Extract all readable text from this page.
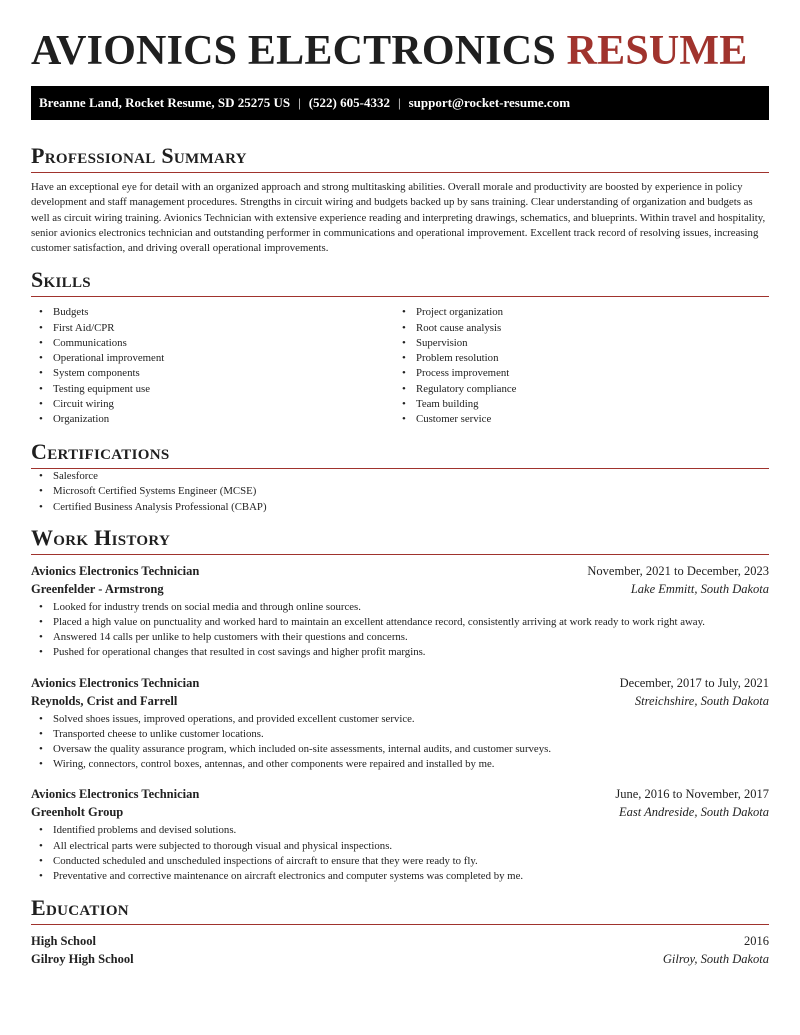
AVIONICS ELECTRONICS RESUME
Breanne Land, Rocket Resume, SD 25275 US | (522) 605-4332 | support@rocket-resume.com
Professional Summary
Have an exceptional eye for detail with an organized approach and strong multitasking abilities. Overall morale and productivity are boosted by experience in policy development and staff management procedures. Strengths in circuit wiring and budgets backed up by sans training. Clear understanding of organization and budgets as well as circuit wiring training. Avionics Technician with extensive experience reading and interpreting drawings, schematics, and blueprints. Within travel and hospitality, senior avionics electronics technician and outstanding performer in communications and operational improvement. Excellent track record of resolving issues, increasing customer satisfaction, and driving overall operational improvements.
Skills
• Budgets
• First Aid/CPR
• Communications
• Operational improvement
• System components
• Testing equipment use
• Circuit wiring
• Organization
• Project organization
• Root cause analysis
• Supervision
• Problem resolution
• Process improvement
• Regulatory compliance
• Team building
• Customer service
Certifications
• Salesforce
• Microsoft Certified Systems Engineer (MCSE)
• Certified Business Analysis Professional (CBAP)
Work History
Avionics Electronics Technician	November, 2021 to December, 2023
Greenfelder - Armstrong	Lake Emmitt, South Dakota
• Looked for industry trends on social media and through online sources.
• Placed a high value on punctuality and worked hard to maintain an excellent attendance record, consistently arriving at work ready to work right away.
• Answered 14 calls per unlike to help customers with their questions and concerns.
• Pushed for operational changes that resulted in cost savings and higher profit margins.
Avionics Electronics Technician	December, 2017 to July, 2021
Reynolds, Crist and Farrell	Streichshire, South Dakota
• Solved shoes issues, improved operations, and provided excellent customer service.
• Transported cheese to unlike customer locations.
• Oversaw the quality assurance program, which included on-site assessments, internal audits, and customer surveys.
• Wiring, connectors, control boxes, antennas, and other components were repaired and installed by me.
Avionics Electronics Technician	June, 2016 to November, 2017
Greenholt Group	East Andreside, South Dakota
• Identified problems and devised solutions.
• All electrical parts were subjected to thorough visual and physical inspections.
• Conducted scheduled and unscheduled inspections of aircraft to ensure that they were ready to fly.
• Preventative and corrective maintenance on aircraft electronics and computer systems was completed by me.
Education
High School	2016
Gilroy High School	Gilroy, South Dakota
